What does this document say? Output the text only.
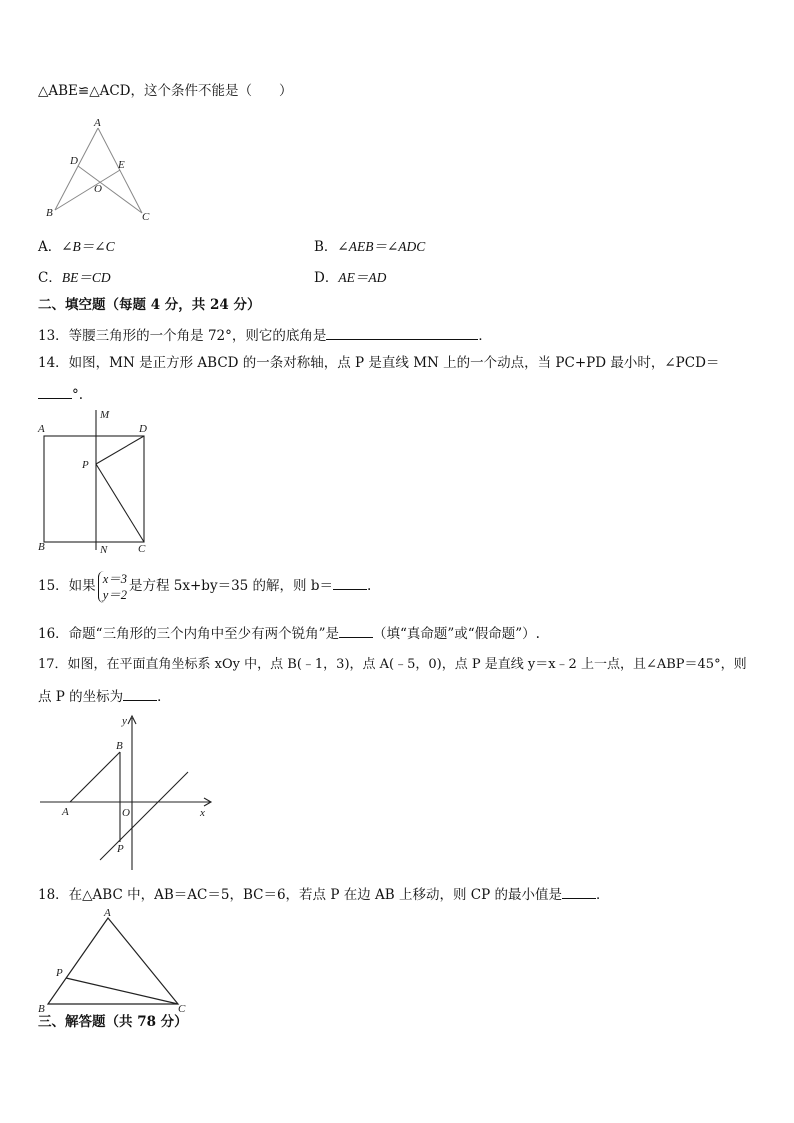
△ABE≌△ACD，这个条件不能是（　　）
A
D	E
O
B	C
A．∠B＝∠C	B．∠AEB＝∠ADC
C．BE＝CD	D．AE＝AD
二、填空题（每题 4 分，共 24 分）
13．等腰三角形的一个角是 72°，则它的底角是	．
14．如图，MN 是正方形 ABCD 的一条对称轴，点 P 是直线 MN 上的一个动点，当 PC+PD 最小时，∠PCD＝
°.
A
M
D
P
B	N	C
15．如果 x＝3
y＝2是方程 5x+by＝35 的解，则 b＝	.
16．命题“三角形的三个内角中至少有两个锐角”是	（填“真命题”或“假命题”）.
17．如图，在平面直角坐标系 xOy 中，点 B(﹣1，3)，点 A(﹣5，0)，点 P 是直线 y＝x﹣2 上一点，且∠ABP＝45°，则
点 P 的坐标为	．
y
B
A	O	x
P
18．在△ABC 中，AB＝AC＝5，BC＝6，若点 P 在边 AB 上移动，则 CP 的最小值是	．
A
P
B	C
三、解答题（共 78 分）
